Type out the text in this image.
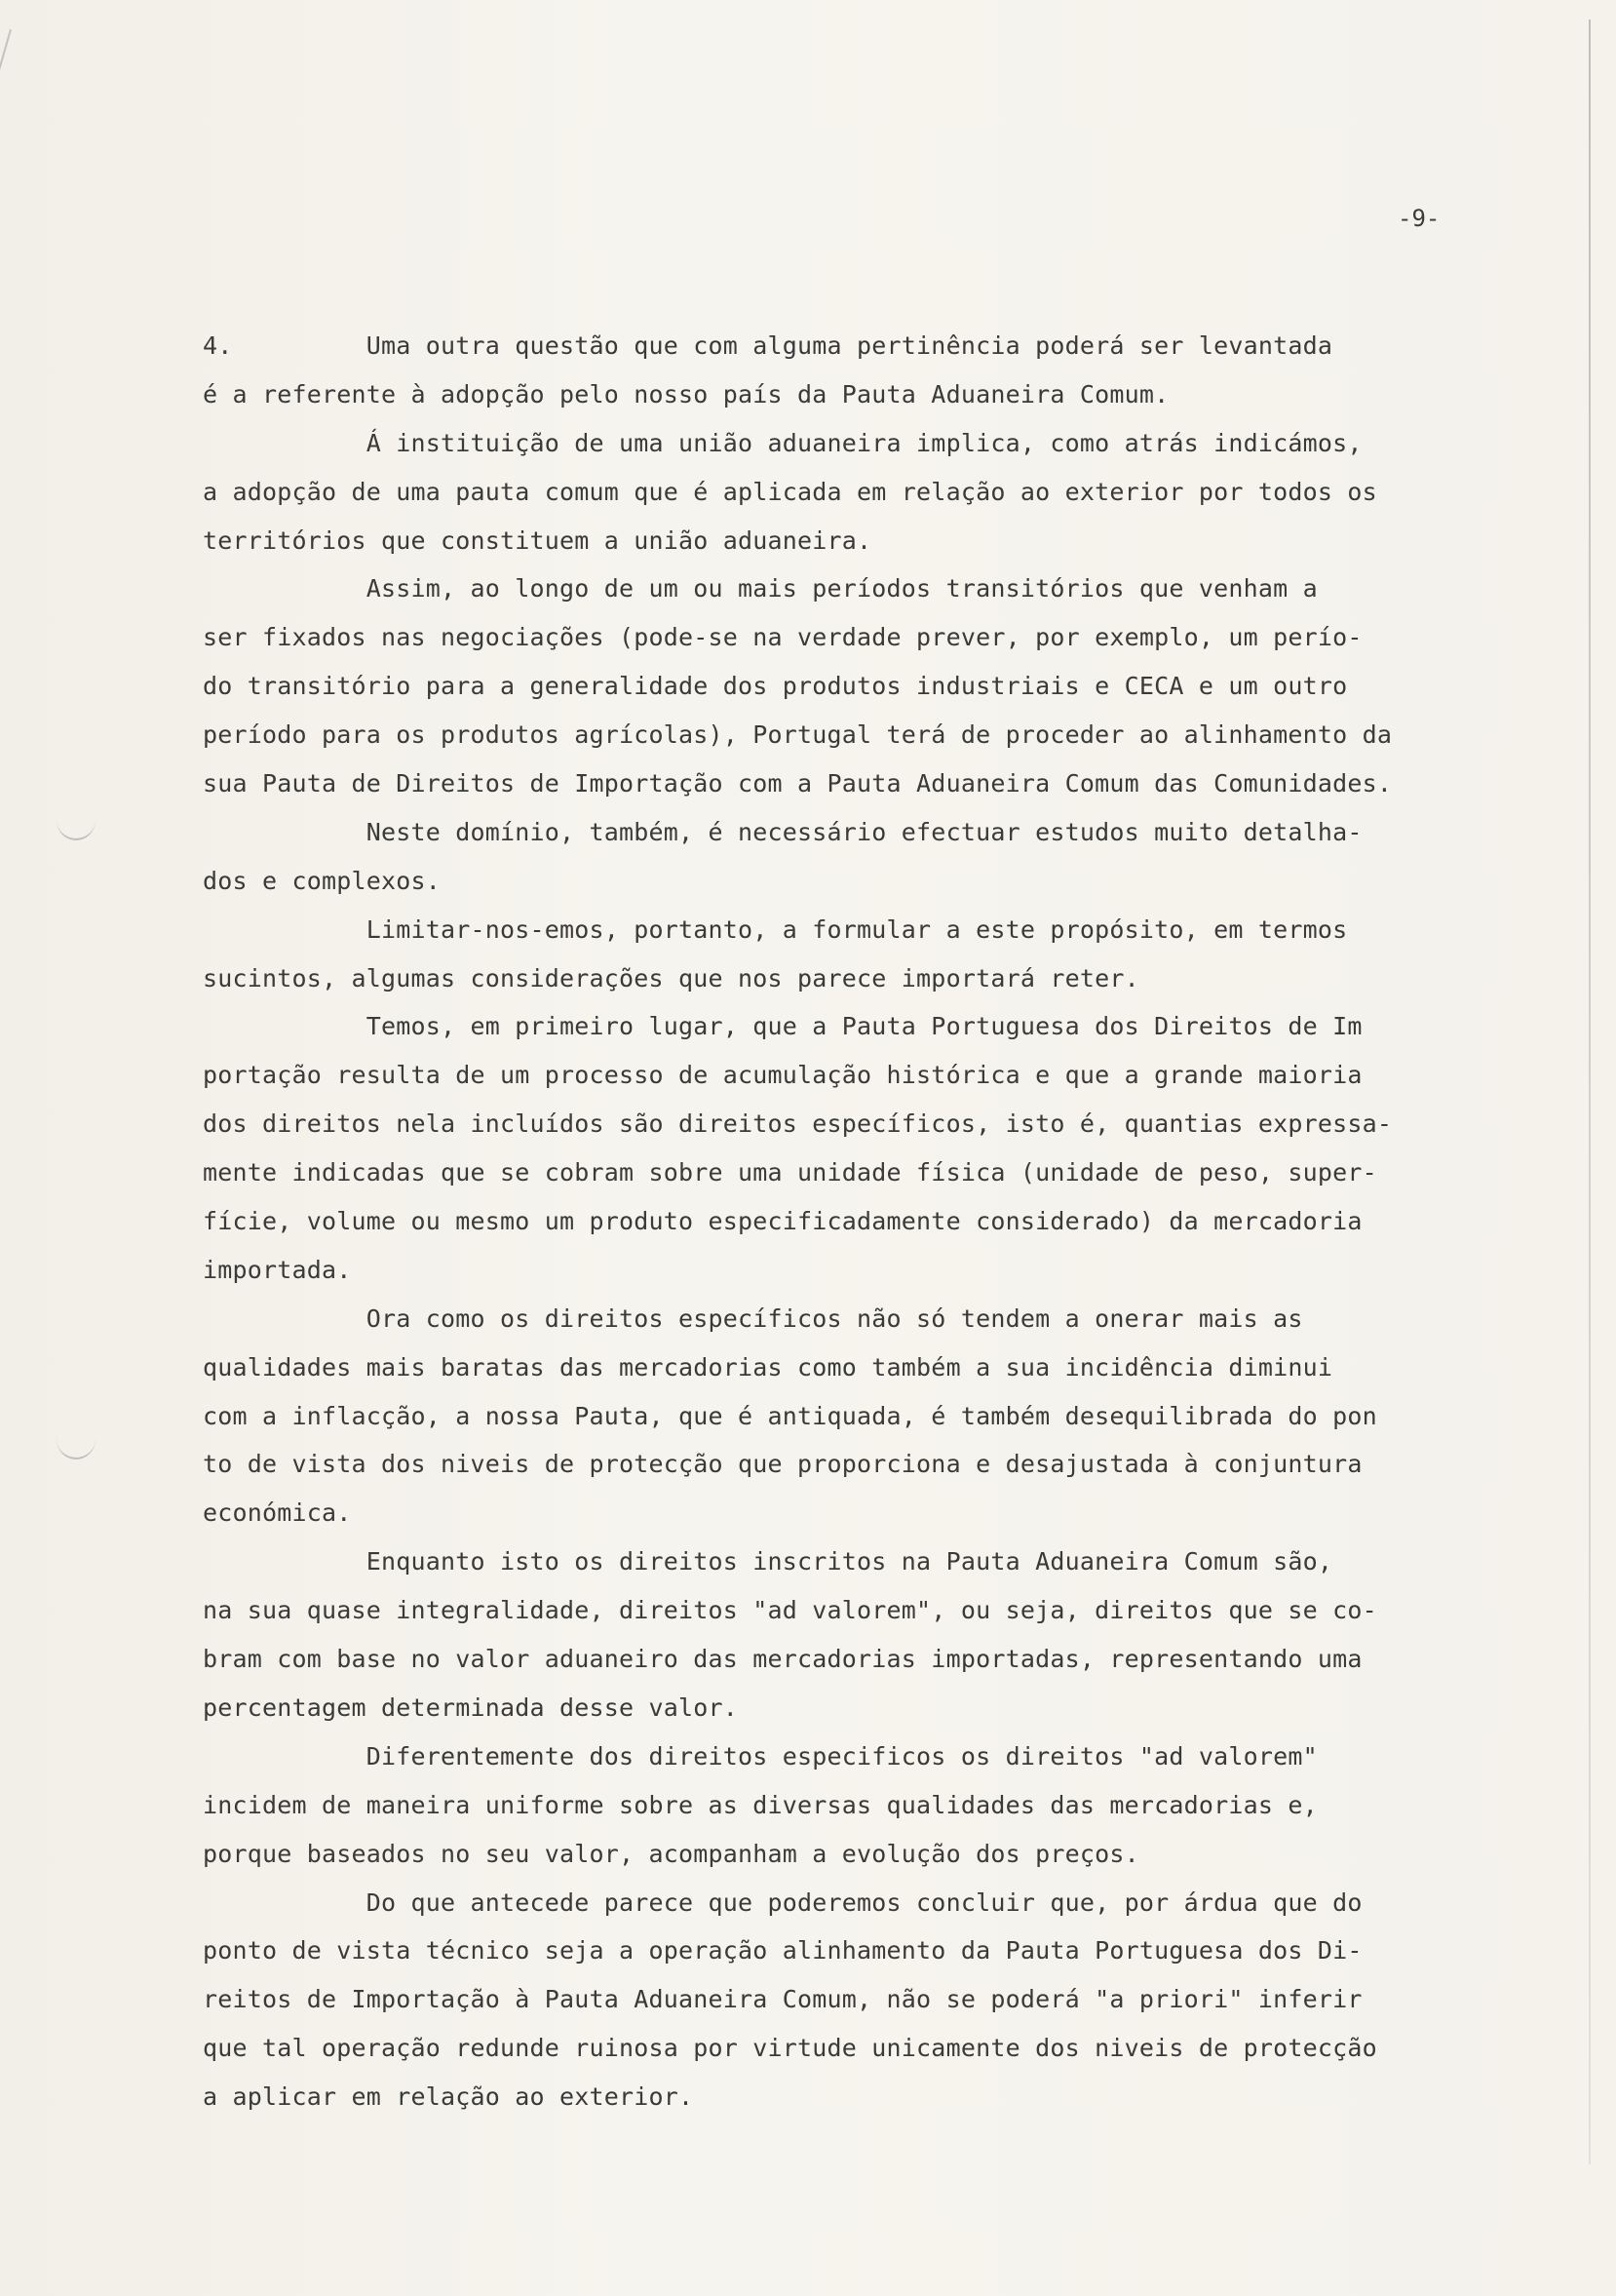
-9-
4.         Uma outra questão que com alguma pertinência poderá ser levantada
é a referente à adopção pelo nosso país da Pauta Aduaneira Comum.
Á instituição de uma união aduaneira implica, como atrás indicámos,
a adopção de uma pauta comum que é aplicada em relação ao exterior por todos os
territórios que constituem a união aduaneira.
Assim, ao longo de um ou mais períodos transitórios que venham a
ser fixados nas negociações (pode-se na verdade prever, por exemplo, um perío-
do transitório para a generalidade dos produtos industriais e CECA e um outro
período para os produtos agrícolas), Portugal terá de proceder ao alinhamento da
sua Pauta de Direitos de Importação com a Pauta Aduaneira Comum das Comunidades.
Neste domínio, também, é necessário efectuar estudos muito detalha-
dos e complexos.
Limitar-nos-emos, portanto, a formular a este propósito, em termos
sucintos, algumas considerações que nos parece importará reter.
Temos, em primeiro lugar, que a Pauta Portuguesa dos Direitos de Im
portação resulta de um processo de acumulação histórica e que a grande maioria
dos direitos nela incluídos são direitos específicos, isto é, quantias expressa-
mente indicadas que se cobram sobre uma unidade física (unidade de peso, super-
fície, volume ou mesmo um produto especificadamente considerado) da mercadoria
importada.
Ora como os direitos específicos não só tendem a onerar mais as
qualidades mais baratas das mercadorias como também a sua incidência diminui
com a inflacção, a nossa Pauta, que é antiquada, é também desequilibrada do pon
to de vista dos niveis de protecção que proporciona e desajustada à conjuntura
económica.
Enquanto isto os direitos inscritos na Pauta Aduaneira Comum são,
na sua quase integralidade, direitos "ad valorem", ou seja, direitos que se co-
bram com base no valor aduaneiro das mercadorias importadas, representando uma
percentagem determinada desse valor.
Diferentemente dos direitos especificos os direitos "ad valorem"
incidem de maneira uniforme sobre as diversas qualidades das mercadorias e,
porque baseados no seu valor, acompanham a evolução dos preços.
Do que antecede parece que poderemos concluir que, por árdua que do
ponto de vista técnico seja a operação alinhamento da Pauta Portuguesa dos Di-
reitos de Importação à Pauta Aduaneira Comum, não se poderá "a priori" inferir
que tal operação redunde ruinosa por virtude unicamente dos niveis de protecção
a aplicar em relação ao exterior.
